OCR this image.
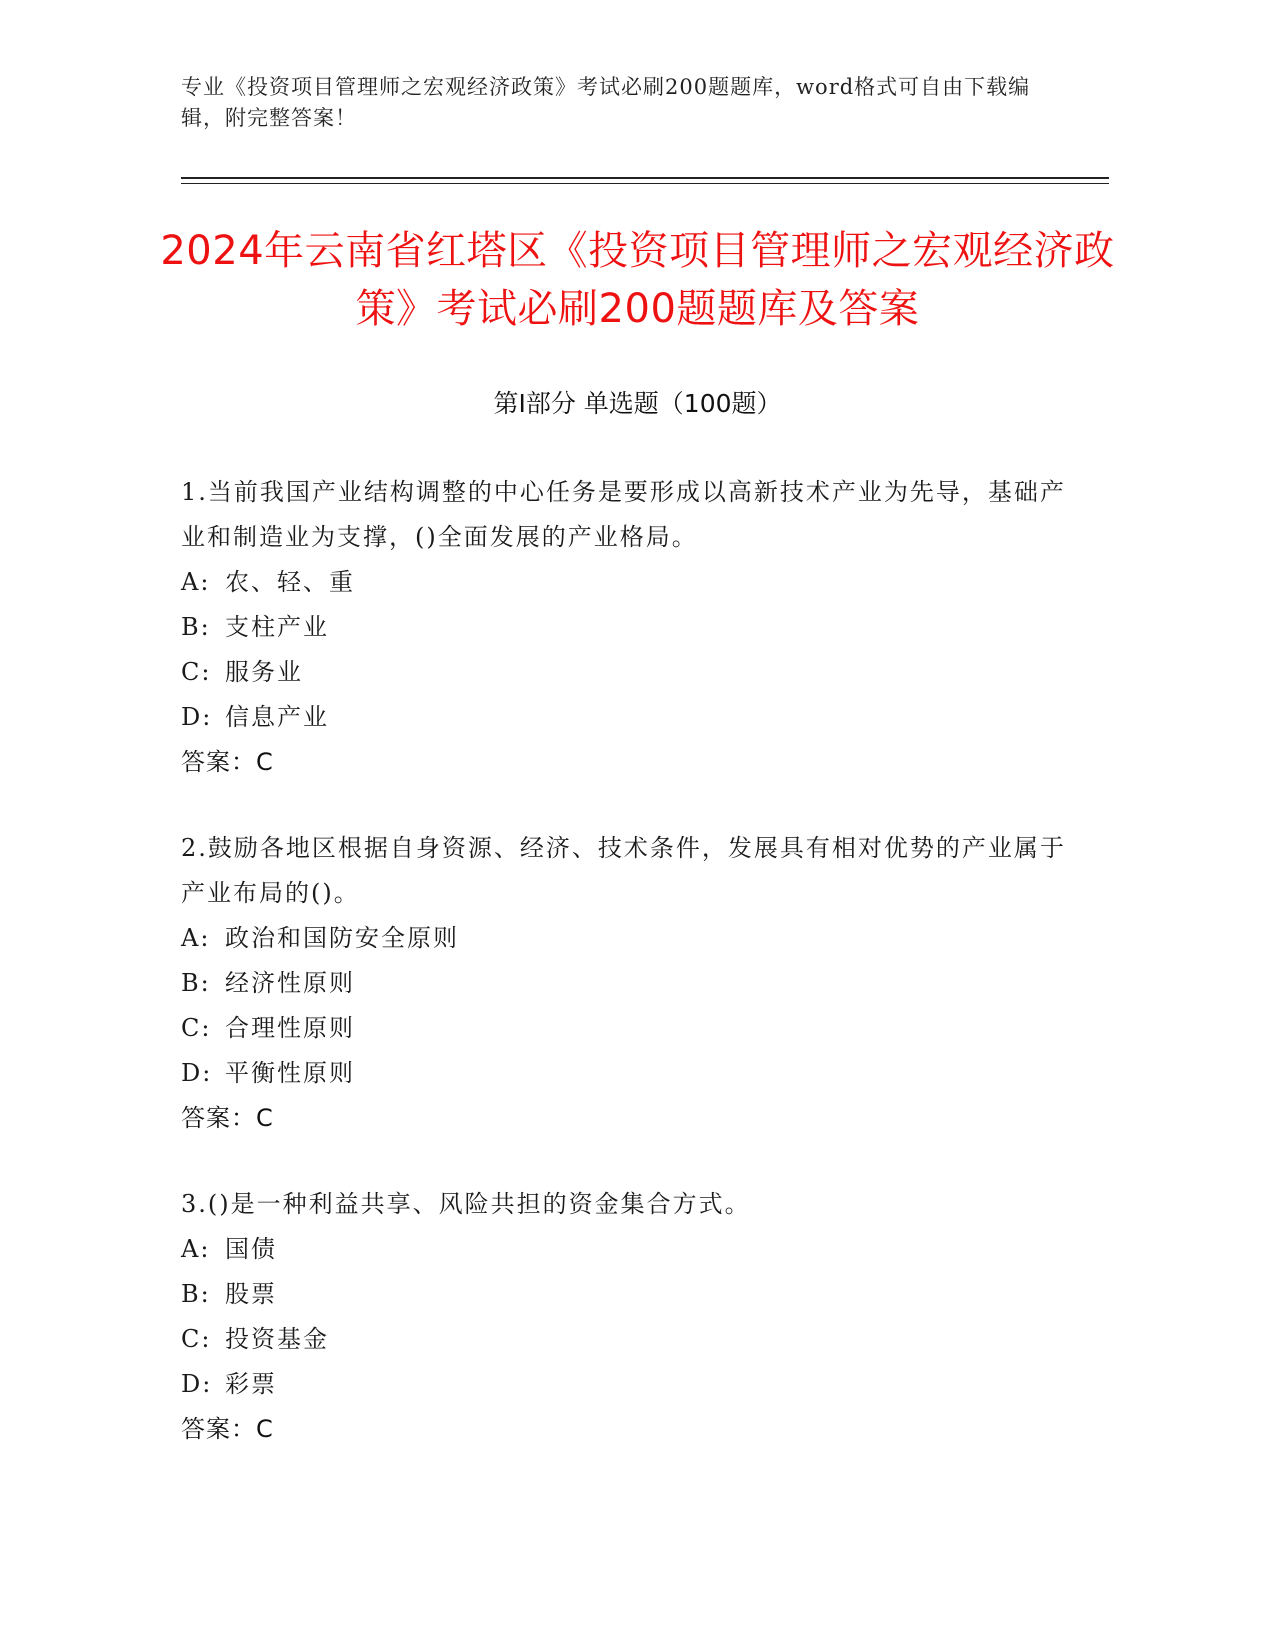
专业《投资项目管理师之宏观经济政策》考试必刷200题题库，word格式可自由下载编辑，附完整答案！
2024年云南省红塔区《投资项目管理师之宏观经济政策》考试必刷200题题库及答案
第Ⅰ部分 单选题（100题）

1.当前我国产业结构调整的中心任务是要形成以高新技术产业为先导，基础产业和制造业为支撑，()全面发展的产业格局。

A: 农、轻、重
B: 支柱产业
C: 服务业
D: 信息产业
答案：C

2.鼓励各地区根据自身资源、经济、技术条件，发展具有相对优势的产业属于产业布局的()。

A: 政治和国防安全原则
B: 经济性原则
C: 合理性原则
D: 平衡性原则
答案：C

3.()是一种利益共享、风险共担的资金集合方式。

A: 国债
B: 股票
C: 投资基金
D: 彩票
答案：C
